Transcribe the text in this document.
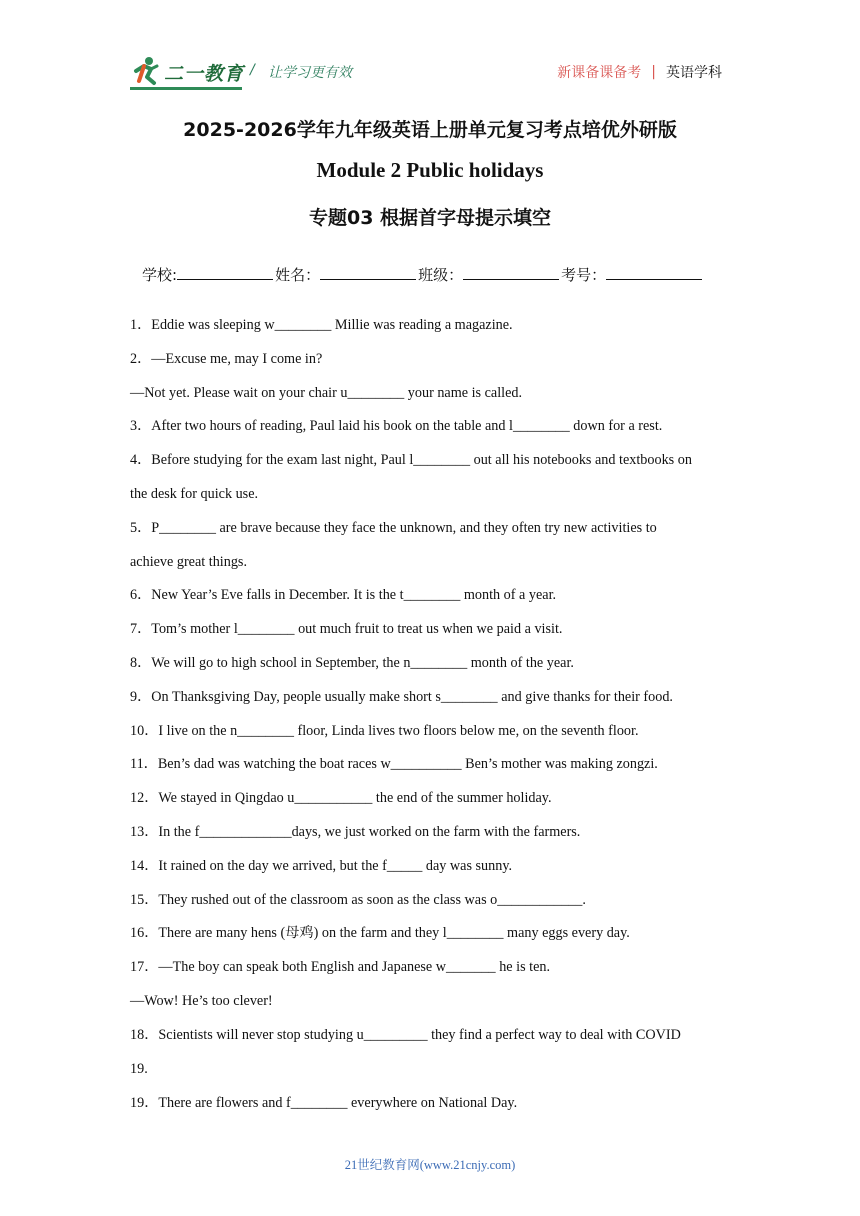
二一教育 / 让学习更有效	新课备课备考 | 英语学科
2025-2026学年九年级英语上册单元复习考点培优外研版
Module 2 Public holidays
专题03 根据首字母提示填空
学校:	姓名：	班级：	考号：
1．Eddie was sleeping w________ Millie was reading a magazine.
2．—Excuse me, may I come in?
—Not yet. Please wait on your chair u________ your name is called.
3．After two hours of reading, Paul laid his book on the table and l________ down for a rest.
4．Before studying for the exam last night, Paul l________ out all his notebooks and textbooks on
the desk for quick use.
5．P________ are brave because they face the unknown, and they often try new activities to
achieve great things.
6．New Year’s Eve falls in December. It is the t________ month of a year.
7．Tom’s mother l________ out much fruit to treat us when we paid a visit.
8．We will go to high school in September, the n________ month of the year.
9．On Thanksgiving Day, people usually make short s________ and give thanks for their food.
10．I live on the n________ floor, Linda lives two floors below me, on the seventh floor.
11．Ben’s dad was watching the boat races w__________ Ben’s mother was making zongzi.
12．We stayed in Qingdao u___________ the end of the summer holiday.
13．In the f_____________days, we just worked on the farm with the farmers.
14．It rained on the day we arrived, but the f_____ day was sunny.
15．They rushed out of the classroom as soon as the class was o____________.
16．There are many hens (母鸡) on the farm and they l________ many eggs every day.
17．—The boy can speak both English and Japanese w_______ he is ten.
—Wow! He’s too clever!
18．Scientists will never stop studying u_________ they find a perfect way to deal with COVID
19.
19．There are flowers and f________ everywhere on National Day.
21世纪教育网(www.21cnjy.com)
